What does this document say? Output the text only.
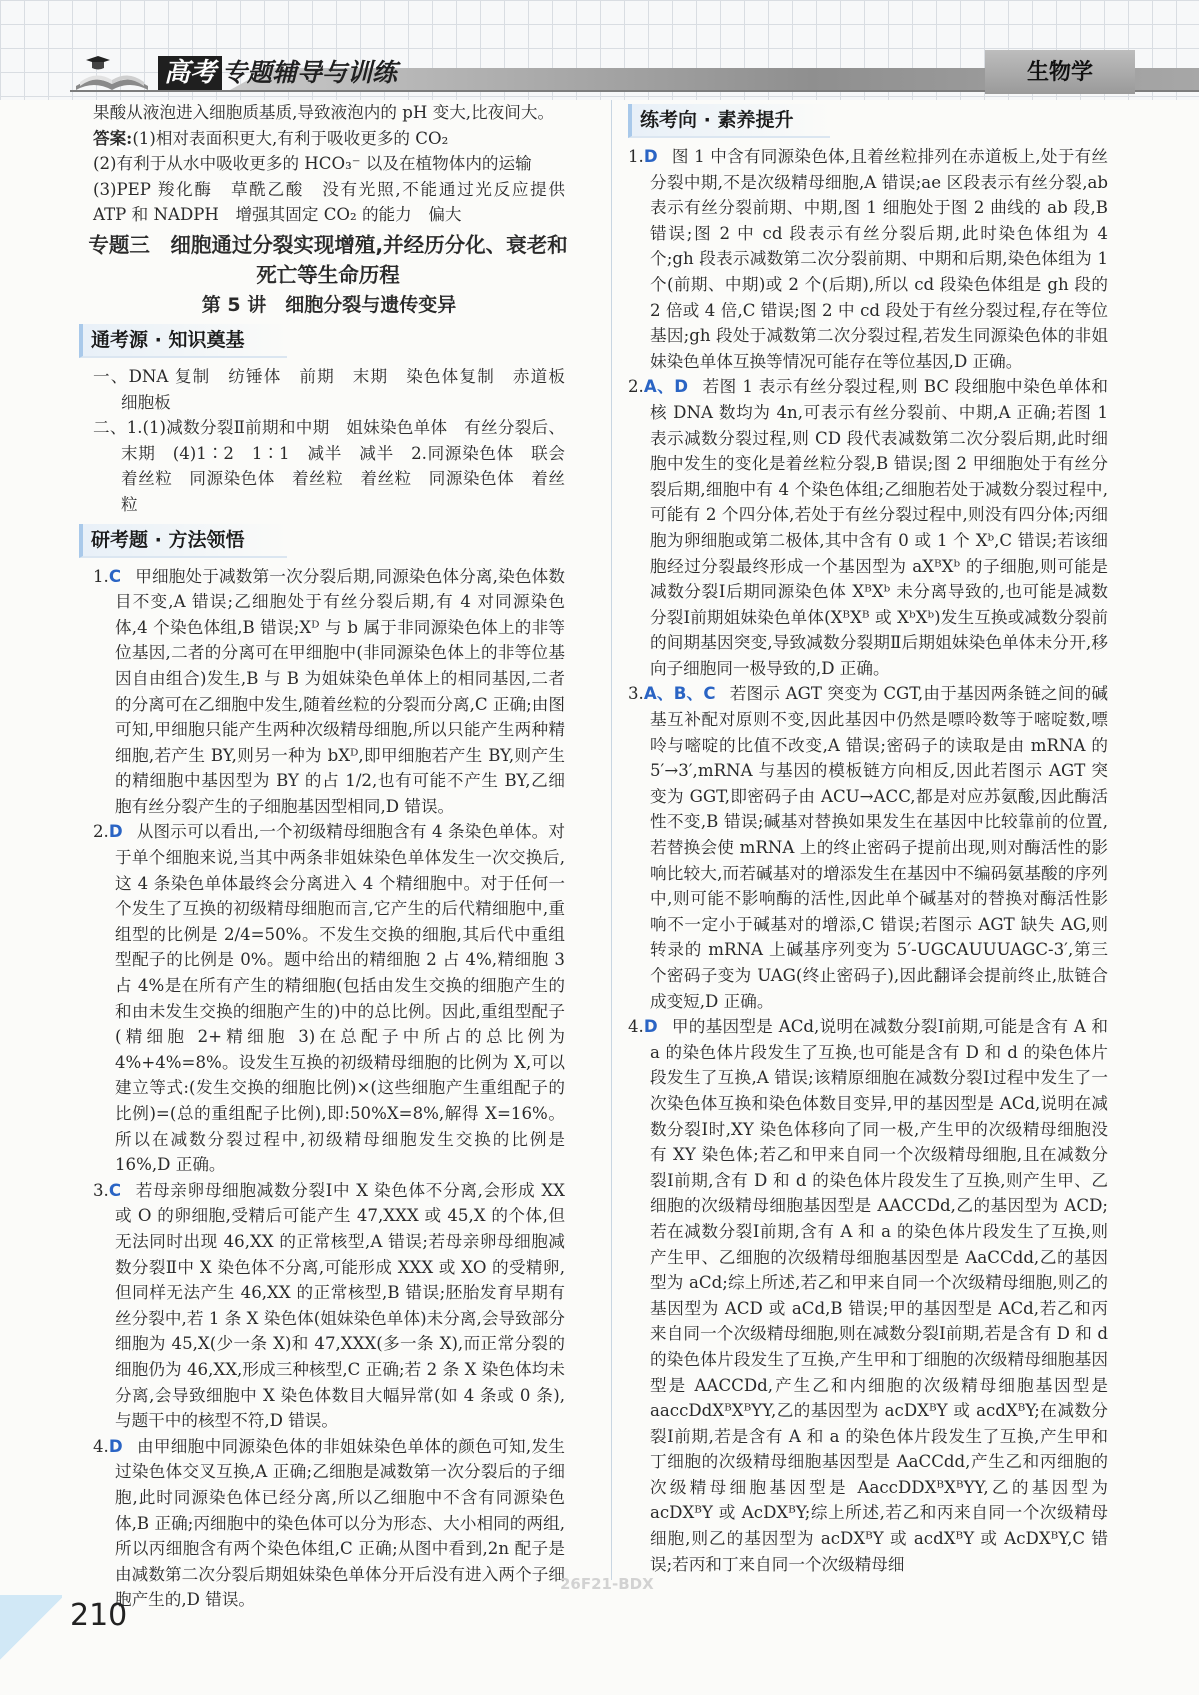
高考 专题辅导与训练	生物学

果酸从液泡进入细胞质基质,导致液泡内的 pH 变大,比夜间大。

答案:(1)相对表面积更大,有利于吸收更多的 CO₂

(2)有利于从水中吸收更多的 HCO₃⁻ 以及在植物体内的运输

(3)PEP 羧化酶　草酰乙酸　没有光照,不能通过光反应提供 ATP 和 NADPH　增强其固定 CO₂ 的能力　偏大

专题三　细胞通过分裂实现增殖,并经历分化、衰老和死亡等生命历程
第 5 讲　细胞分裂与遗传变异
通考源 · 知识奠基

一、DNA 复制　纺锤体　前期　末期　染色体复制　赤道板　细胞板

二、1.(1)减数分裂Ⅱ前期和中期　姐妹染色单体　有丝分裂后、末期　(4)1∶2　1∶1　减半　减半　2.同源染色体　联会　着丝粒　同源染色体　着丝粒　着丝粒　同源染色体　着丝粒

研考题 · 方法领悟

1.C 甲细胞处于减数第一次分裂后期,同源染色体分离,染色体数目不变,A 错误;乙细胞处于有丝分裂后期,有 4 对同源染色体,4 个染色体组,B 错误;Xᴰ 与 b 属于非同源染色体上的非等位基因,二者的分离可在甲细胞中(非同源染色体上的非等位基因自由组合)发生,B 与 B 为姐妹染色单体上的相同基因,二者的分离可在乙细胞中发生,随着丝粒的分裂而分离,C 正确;由图可知,甲细胞只能产生两种次级精母细胞,所以只能产生两种精细胞,若产生 BY,则另一种为 bXᴰ,即甲细胞若产生 BY,则产生的精细胞中基因型为 BY 的占 1/2,也有可能不产生 BY,乙细胞有丝分裂产生的子细胞基因型相同,D 错误。

2.D 从图示可以看出,一个初级精母细胞含有 4 条染色单体。对于单个细胞来说,当其中两条非姐妹染色单体发生一次交换后,这 4 条染色单体最终会分离进入 4 个精细胞中。对于任何一个发生了互换的初级精母细胞而言,它产生的后代精细胞中,重组型的比例是 2/4=50%。不发生交换的细胞,其后代中重组型配子的比例是 0%。题中给出的精细胞 2 占 4%,精细胞 3 占 4%是在所有产生的精细胞(包括由发生交换的细胞产生的和由未发生交换的细胞产生的)中的总比例。因此,重组型配子(精细胞 2+精细胞 3)在总配子中所占的总比例为 4%+4%=8%。设发生互换的初级精母细胞的比例为 X,可以建立等式:(发生交换的细胞比例)×(这些细胞产生重组配子的比例)=(总的重组配子比例),即:50%X=8%,解得 X=16%。所以在减数分裂过程中,初级精母细胞发生交换的比例是 16%,D 正确。

3.C 若母亲卵母细胞减数分裂Ⅰ中 X 染色体不分离,会形成 XX 或 O 的卵细胞,受精后可能产生 47,XXX 或 45,X 的个体,但无法同时出现 46,XX 的正常核型,A 错误;若母亲卵母细胞减数分裂Ⅱ中 X 染色体不分离,可能形成 XXX 或 XO 的受精卵,但同样无法产生 46,XX 的正常核型,B 错误;胚胎发育早期有丝分裂中,若 1 条 X 染色体(姐妹染色单体)未分离,会导致部分细胞为 45,X(少一条 X)和 47,XXX(多一条 X),而正常分裂的细胞仍为 46,XX,形成三种核型,C 正确;若 2 条 X 染色体均未分离,会导致细胞中 X 染色体数目大幅异常(如 4 条或 0 条),与题干中的核型不符,D 错误。

4.D 由甲细胞中同源染色体的非姐妹染色单体的颜色可知,发生过染色体交叉互换,A 正确;乙细胞是减数第一次分裂后的子细胞,此时同源染色体已经分离,所以乙细胞中不含有同源染色体,B 正确;丙细胞中的染色体可以分为形态、大小相同的两组,所以丙细胞含有两个染色体组,C 正确;从图中看到,2n 配子是由减数第二次分裂后期姐妹染色单体分开后没有进入两个子细胞产生的,D 错误。

练考向 · 素养提升

1.D 图 1 中含有同源染色体,且着丝粒排列在赤道板上,处于有丝分裂中期,不是次级精母细胞,A 错误;ae 区段表示有丝分裂,ab 表示有丝分裂前期、中期,图 1 细胞处于图 2 曲线的 ab 段,B 错误;图 2 中 cd 段表示有丝分裂后期,此时染色体组为 4 个;gh 段表示减数第二次分裂前期、中期和后期,染色体组为 1 个(前期、中期)或 2 个(后期),所以 cd 段染色体组是 gh 段的 2 倍或 4 倍,C 错误;图 2 中 cd 段处于有丝分裂过程,存在等位基因;gh 段处于减数第二次分裂过程,若发生同源染色体的非姐妹染色单体互换等情况可能存在等位基因,D 正确。

2.A、D 若图 1 表示有丝分裂过程,则 BC 段细胞中染色单体和核 DNA 数均为 4n,可表示有丝分裂前、中期,A 正确;若图 1 表示减数分裂过程,则 CD 段代表减数第二次分裂后期,此时细胞中发生的变化是着丝粒分裂,B 错误;图 2 甲细胞处于有丝分裂后期,细胞中有 4 个染色体组;乙细胞若处于减数分裂过程中,可能有 2 个四分体,若处于有丝分裂过程中,则没有四分体;丙细胞为卵细胞或第二极体,其中含有 0 或 1 个 Xᵇ,C 错误;若该细胞经过分裂最终形成一个基因型为 aXᴮXᵇ 的子细胞,则可能是减数分裂Ⅰ后期同源染色体 XᴮXᵇ 未分离导致的,也可能是减数分裂Ⅰ前期姐妹染色单体(XᴮXᴮ 或 XᵇXᵇ)发生互换或减数分裂前的间期基因突变,导致减数分裂期Ⅱ后期姐妹染色单体未分开,移向子细胞同一极导致的,D 正确。

3.A、B、C 若图示 AGT 突变为 CGT,由于基因两条链之间的碱基互补配对原则不变,因此基因中仍然是嘌呤数等于嘧啶数,嘌呤与嘧啶的比值不改变,A 错误;密码子的读取是由 mRNA 的 5′→3′,mRNA 与基因的模板链方向相反,因此若图示 AGT 突变为 GGT,即密码子由 ACU→ACC,都是对应苏氨酸,因此酶活性不变,B 错误;碱基对替换如果发生在基因中比较靠前的位置,若替换会使 mRNA 上的终止密码子提前出现,则对酶活性的影响比较大,而若碱基对的增添发生在基因中不编码氨基酸的序列中,则可能不影响酶的活性,因此单个碱基对的替换对酶活性影响不一定小于碱基对的增添,C 错误;若图示 AGT 缺失 AG,则转录的 mRNA 上碱基序列变为 5′-UGCAUUUAGC-3′,第三个密码子变为 UAG(终止密码子),因此翻译会提前终止,肽链合成变短,D 正确。

4.D 甲的基因型是 ACd,说明在减数分裂Ⅰ前期,可能是含有 A 和 a 的染色体片段发生了互换,也可能是含有 D 和 d 的染色体片段发生了互换,A 错误;该精原细胞在减数分裂Ⅰ过程中发生了一次染色体互换和染色体数目变异,甲的基因型是 ACd,说明在减数分裂Ⅰ时,XY 染色体移向了同一极,产生甲的次级精母细胞没有 XY 染色体;若乙和甲来自同一个次级精母细胞,且在减数分裂Ⅰ前期,含有 D 和 d 的染色体片段发生了互换,则产生甲、乙细胞的次级精母细胞基因型是 AACCDd,乙的基因型为 ACD;若在减数分裂Ⅰ前期,含有 A 和 a 的染色体片段发生了互换,则产生甲、乙细胞的次级精母细胞基因型是 AaCCdd,乙的基因型为 aCd;综上所述,若乙和甲来自同一个次级精母细胞,则乙的基因型为 ACD 或 aCd,B 错误;甲的基因型是 ACd,若乙和丙来自同一个次级精母细胞,则在减数分裂Ⅰ前期,若是含有 D 和 d 的染色体片段发生了互换,产生甲和丁细胞的次级精母细胞基因型是 AACCDd,产生乙和内细胞的次级精母细胞基因型是 aaccDdXᴮXᴮYY,乙的基因型为 acDXᴮY 或 acdXᴮY;在减数分裂Ⅰ前期,若是含有 A 和 a 的染色体片段发生了互换,产生甲和丁细胞的次级精母细胞基因型是 AaCCdd,产生乙和丙细胞的次级精母细胞基因型是 AaccDDXᴮXᴮYY,乙的基因型为 acDXᴮY 或 AcDXᴮY;综上所述,若乙和丙来自同一个次级精母细胞,则乙的基因型为 acDXᴮY 或 acdXᴮY 或 AcDXᴮY,C 错误;若丙和丁来自同一个次级精母细

210
26F21-BDX
